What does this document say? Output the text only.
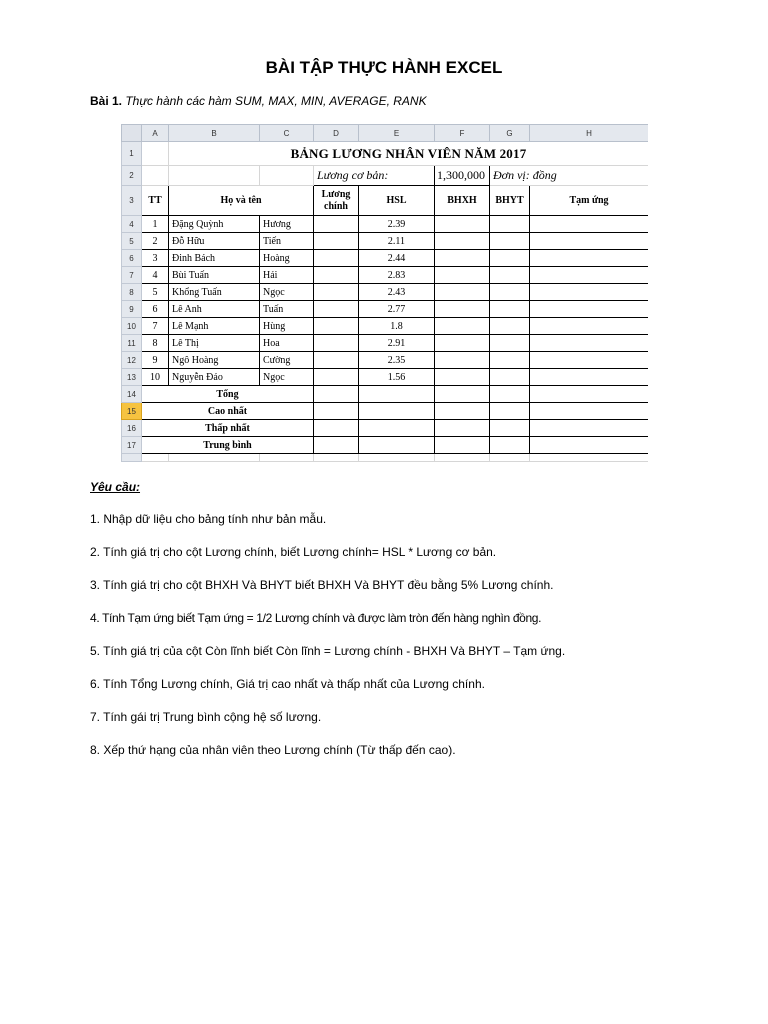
BÀI TẬP THỰC HÀNH EXCEL
Bài 1. Thực hành các hàm SUM, MAX, MIN, AVERAGE, RANK
	A	B	C	D	E	F	G	H	
1		BẢNG LƯƠNG NHÂN VIÊN NĂM 2017							
2				Lương cơ bản:		1,300,000	Đơn vị: đồng		
3	TT	Họ và tên		Lương chính	HSL	BHXH	BHYT	Tạm ứng	
4	1	Đặng Quỳnh	Hương		2.39				
5	2	Đỗ Hữu	Tiến		2.11				
6	3	Đinh Bách	Hoàng		2.44				
7	4	Bùi Tuấn	Hải		2.83				
8	5	Khổng Tuấn	Ngọc		2.43				
9	6	Lê Anh	Tuấn		2.77				
10	7	Lê Mạnh	Hùng		1.8				
11	8	Lê Thị	Hoa		2.91				
12	9	Ngô Hoàng	Cường		2.35				
13	10	Nguyễn Đảo	Ngọc		1.56				
14	Tổng								
15	Cao nhất								
16	Thấp nhất								
17	Trung bình								

Yêu cầu:
1. Nhập dữ liệu cho bảng tính như bản mẫu.
2. Tính giá trị cho cột Lương chính, biết Lương chính= HSL * Lương cơ bản.
3. Tính giá trị cho cột BHXH Và BHYT biết BHXH Và BHYT đều bằng 5% Lương chính.
4. Tính Tạm ứng biết Tạm ứng = 1/2 Lương chính và được làm tròn đến hàng nghìn đồng.
5. Tính giá trị của cột Còn lĩnh biết Còn lĩnh = Lương chính - BHXH Và BHYT – Tạm ứng.
6. Tính Tổng Lương chính, Giá trị cao nhất và thấp nhất của Lương chính.
7. Tính gái trị Trung bình cộng hệ số lương.
8. Xếp thứ hạng của nhân viên theo Lương chính (Từ thấp đến cao).
